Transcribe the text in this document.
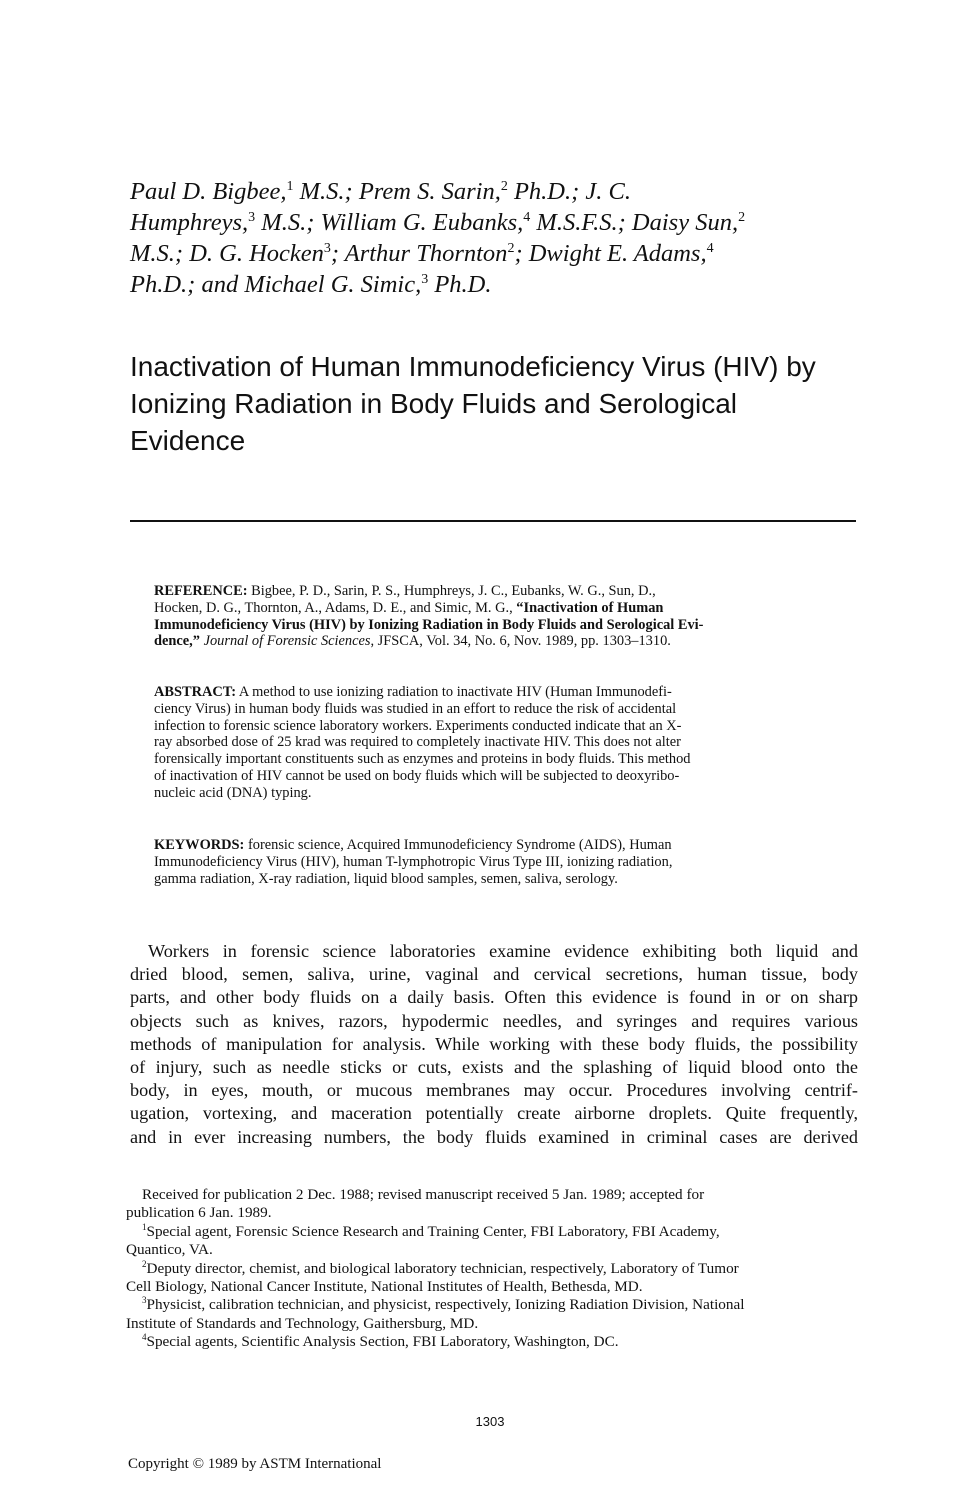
Paul D. Bigbee,$^1$ M.S.; Prem S. Sarin,$^2$ Ph.D.; J. C.
Humphreys,$^3$ M.S.; William G. Eubanks,$^4$ M.S.F.S.; Daisy Sun,$^2$
M.S.; D. G. Hocken$^3$; Arthur Thornton$^2$; Dwight E. Adams,$^4$
Ph.D.; and Michael G. Simic,$^3$ Ph.D.
Inactivation of Human Immunodeficiency Virus (HIV) by
Ionizing Radiation in Body Fluids and Serological
Evidence
REFERENCE: Bigbee, P. D., Sarin, P. S., Humphreys, J. C., Eubanks, W. G., Sun, D.,
Hocken, D. G., Thornton, A., Adams, D. E., and Simic, M. G., “Inactivation of Human
Immunodeficiency Virus (HIV) by Ionizing Radiation in Body Fluids and Serological Evi-
dence,” Journal of Forensic Sciences, JFSCA, Vol. 34, No. 6, Nov. 1989, pp. 1303–1310.
ABSTRACT: A method to use ionizing radiation to inactivate HIV (Human Immunodefi-
ciency Virus) in human body fluids was studied in an effort to reduce the risk of accidental
infection to forensic science laboratory workers. Experiments conducted indicate that an X-
ray absorbed dose of 25 krad was required to completely inactivate HIV. This does not alter
forensically important constituents such as enzymes and proteins in body fluids. This method
of inactivation of HIV cannot be used on body fluids which will be subjected to deoxyribo-
nucleic acid (DNA) typing.
KEYWORDS: forensic science, Acquired Immunodeficiency Syndrome (AIDS), Human
Immunodeficiency Virus (HIV), human T-lymphotropic Virus Type III, ionizing radiation,
gamma radiation, X-ray radiation, liquid blood samples, semen, saliva, serology.
Workers in forensic science laboratories examine evidence exhibiting both liquid and
dried blood, semen, saliva, urine, vaginal and cervical secretions, human tissue, body
parts, and other body fluids on a daily basis. Often this evidence is found in or on sharp
objects such as knives, razors, hypodermic needles, and syringes and requires various
methods of manipulation for analysis. While working with these body fluids, the possibility
of injury, such as needle sticks or cuts, exists and the splashing of liquid blood onto the
body, in eyes, mouth, or mucous membranes may occur. Procedures involving centrif-
ugation, vortexing, and maceration potentially create airborne droplets. Quite frequently,
and in ever increasing numbers, the body fluids examined in criminal cases are derived
Received for publication 2 Dec. 1988; revised manuscript received 5 Jan. 1989; accepted for
publication 6 Jan. 1989.
$^1$Special agent, Forensic Science Research and Training Center, FBI Laboratory, FBI Academy,
Quantico, VA.
$^2$Deputy director, chemist, and biological laboratory technician, respectively, Laboratory of Tumor
Cell Biology, National Cancer Institute, National Institutes of Health, Bethesda, MD.
$^3$Physicist, calibration technician, and physicist, respectively, Ionizing Radiation Division, National
Institute of Standards and Technology, Gaithersburg, MD.
$^4$Special agents, Scientific Analysis Section, FBI Laboratory, Washington, DC.
1303
Copyright © 1989 by ASTM International
